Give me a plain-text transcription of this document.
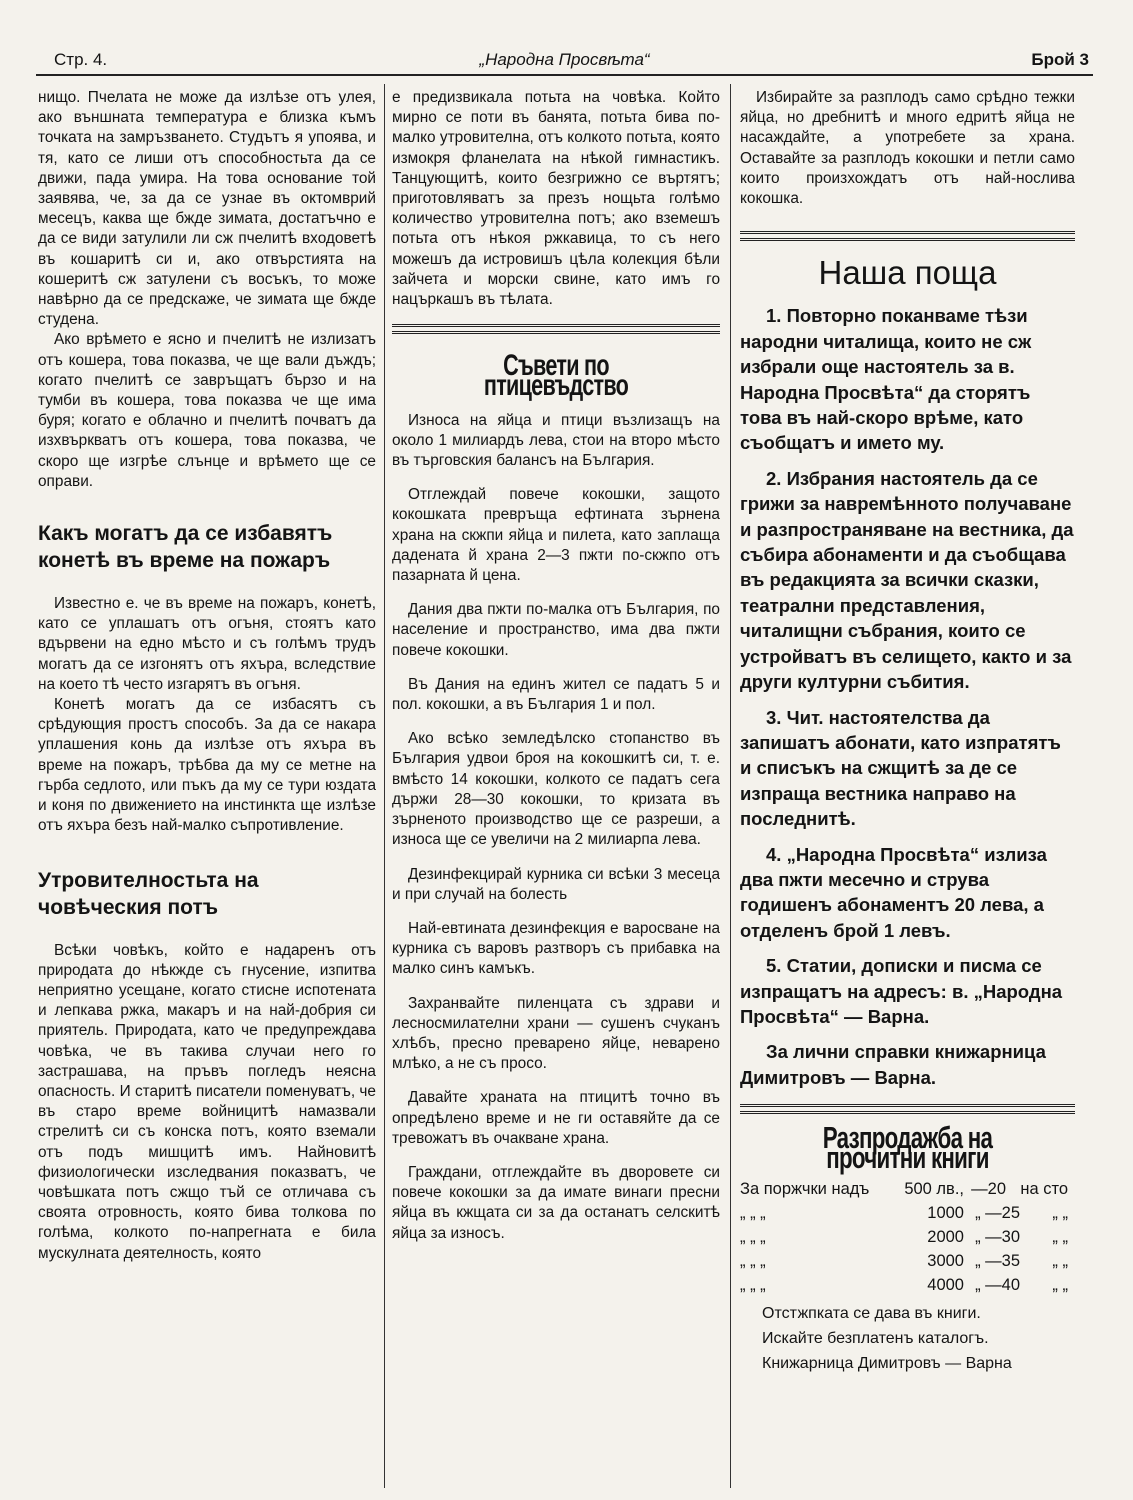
Стр. 4.	„Народна Просвѣта“	Брой 3

нищо. Пчелата не може да излѣзе отъ улея, ако външната температура е близка къмъ точката на замръзването. Студътъ я упоява, и тя, като се лиши отъ способностьта да се движи, пада умира. На това основание той заявява, че, за да се узнае въ октомврий месецъ, каква ще бжде зимата, достатъчно е да се види затулили ли сж пчелитѣ входоветѣ въ кошаритѣ си и, ако отвърстията на кошеритѣ сж затулени съ восъкъ, то може навѣрно да се предскаже, че зимата ще бжде студена.

Ако врѣмето е ясно и пчелитѣ не излизатъ отъ кошера, това показва, че ще вали дъждъ; когато пчелитѣ се завръщатъ бързо и на тумби въ кошера, това показва че ще има буря; когато е облачно и пчелитѣ почватъ да изхвъркватъ отъ кошера, това показва, че скоро ще изгрѣе слънце и врѣмето ще се оправи.

Какъ могатъ да се избавятъ конетѣ въ време на пожаръ

Известно е. че въ време на пожаръ, конетѣ, като се уплашатъ отъ огъня, стоятъ като вдървени на едно мѣсто и съ голѣмъ трудъ могатъ да се изгонятъ отъ яхъра, вследствие на което тѣ често изгарятъ въ огъня.

Конетѣ могатъ да се избасятъ съ срѣдующия простъ способъ. За да се накара уплашения конь да излѣзе отъ яхъра въ време на пожаръ, трѣбва да му се метне на гърба седлото, или пъкъ да му се тури юздата и коня по движението на инстинкта ще излѣзе отъ яхъра безъ най-малко съпротивление.

Утровителностьта на човѣческия потъ

Всѣки човѣкъ, който е надаренъ отъ природата до нѣкжде съ гнусение, изпитва неприятно усещане, когато стисне испотената и лепкава ржка, макаръ и на най-добрия си приятель. Природата, като че предупреждава човѣка, че въ такива случаи него го застрашава, на пръвъ погледъ неясна опасность. И старитѣ писатели поменуватъ, че въ старо време войницитѣ намазвали стрелитѣ си съ конска потъ, която вземали отъ подъ мишцитѣ имъ. Найновитѣ физиологически изследвания показватъ, че човѣшката потъ сжщо тъй се отличава съ своята отровность, която бива толкова по голѣма, колкото по-напрегната е била мускулната деятелность, която

е предизвикала потьта на човѣка. Който мирно се поти въ банята, потьта бива по-малко утровителна, отъ колкото потьта, която измокря фланелата на нѣкой гимнастикъ. Танцующитѣ, които безгрижно се въртятъ; приготовляватъ за презъ нощьта голѣмо количество утровителна потъ; ако вземешъ потьта отъ нѣкоя ржкавица, то съ него можешъ да истровишъ цѣла колекция бѣли зайчета и морски свине, като имъ го нацъркашъ въ тѣлата.

Съвети по птицевъдство

Износа на яйца и птици възлизащъ на около 1 милиардъ лева, стои на второ мѣсто въ търговския балансъ на България.

Отглеждай повече кокошки, защото кокошката превръща ефтината зърнена храна на скжпи яйца и пилета, като заплаща дадената й храна 2—3 пжти по-скжпо отъ пазарната й цена.

Дания два пжти по-малка отъ България, по население и пространство, има два пжти повече кокошки.

Въ Дания на единъ жител се падатъ 5 и пол. кокошки, а въ България 1 и пол.

Ако всѣко земледѣлско стопанство въ България удвои броя на кокошкитѣ си, т. е. вмѣсто 14 кокошки, колкото се падатъ сега държи 28—30 кокошки, то кризата въ зърненото производство ще се разреши, а износа ще се увеличи на 2 милиарпа лева.

Дезинфекцирай курника си всѣки 3 месеца и при случай на болесть

Най-евтината дезинфекция е варосване на курника съ варовъ разтворъ съ прибавка на малко синъ камъкъ.

Захранвайте пиленцата съ здрави и лесносмилателни храни — сушенъ счуканъ хлѣбъ, пресно преварено яйце, неварено млѣко, а не съ просо.

Давайте храната на птицитѣ точно въ опредѣлено време и не ги оставяйте да се тревожатъ въ очакване храна.

Граждани, отглеждайте въ дворовете си повече кокошки за да имате винаги пресни яйца въ кжщата си за да останатъ селскитѣ яйца за износъ.

Избирайте за разплодъ само срѣдно тежки яйца, но дребнитѣ и много едритѣ яйца не насаждайте, а употребете за храна. Оставайте за разплодъ кокошки и петли само които произхождатъ отъ най-нослива кокошка.

Наша поща

1. Повторно поканваме тѣзи народни читалища, които не сж избрали още настоятель за в. Народна Просвѣта“ да сторятъ това въ най-скоро врѣме, като съобщатъ и името му.

2. Избрания настоятель да се грижи за навремѣнното получаване и разпространяване на вестника, да събира абонаменти и да съобщава въ редакцията за всички сказки, театрални представления, читалищни събрания, които се устройватъ въ селището, както и за други културни събития.

3. Чит. настоятелства да запишатъ абонати, като изпратятъ и списъкъ на сжщитѣ за де се изпраща вестника направо на последнитѣ.

4. „Народна Просвѣта“ излиза два пжти месечно и струва годишенъ абонаментъ 20 лева, а отделенъ брой 1 левъ.

5. Статии, дописки и писма се изпращатъ на адресъ: в. „Народна Просвѣта“ — Варна.

За лични справки книжарница Димитровъ — Варна.

Разпродажба на прочитни книги
За поржчки надъ	500 лв., —20 на сто
„ „ „	1000 „ —25	„ „
„ „ „	2000 „ —30	„ „
„ „ „	3000 „ —35	„ „
„ „ „	4000 „ —40	„ „
Отстжпката се дава въ книги.
Искайте безплатенъ каталогъ.
Книжарница Димитровъ — Варна
